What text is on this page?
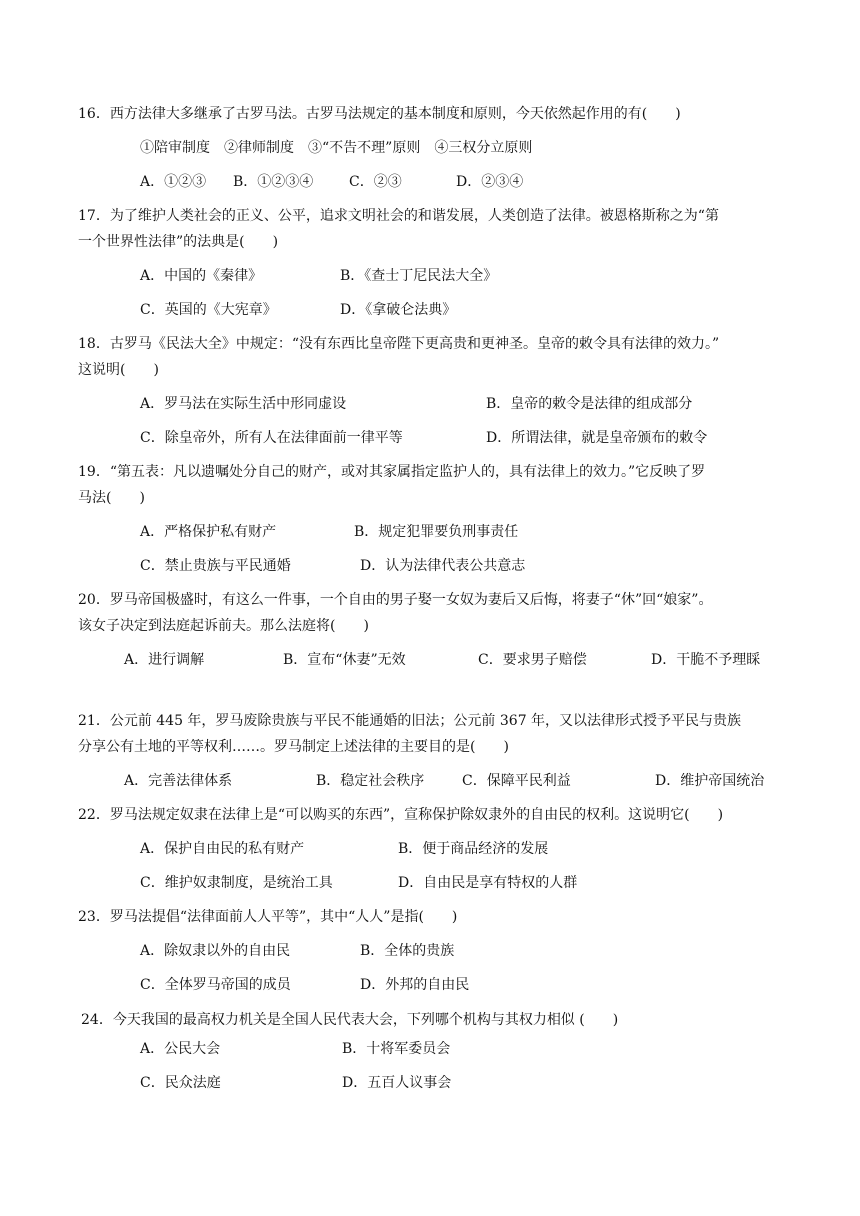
16．西方法律大多继承了古罗马法。古罗马法规定的基本制度和原则，今天依然起作用的有(　　)
①陪审制度　②律师制度　③“不告不理”原则　④三权分立原则
A．①②③ B．①②③④	C．②③	D．②③④
17．为了维护人类社会的正义、公平，追求文明社会的和谐发展，人类创造了法律。被恩格斯称之为“第
一个世界性法律”的法典是(　　)
A．中国的《秦律》	B．《查士丁尼民法大全》
C．英国的《大宪章》	D．《拿破仑法典》
18．古罗马《民法大全》中规定：“没有东西比皇帝陛下更高贵和更神圣。皇帝的敕令具有法律的效力。”
这说明(　　)
A．罗马法在实际生活中形同虚设	B．皇帝的敕令是法律的组成部分
C．除皇帝外，所有人在法律面前一律平等	D．所谓法律，就是皇帝颁布的敕令
19．“第五表：凡以遗嘱处分自己的财产，或对其家属指定监护人的，具有法律上的效力。”它反映了罗
马法(　　)
A．严格保护私有财产	B．规定犯罪要负刑事责任
C．禁止贵族与平民通婚	D．认为法律代表公共意志
20．罗马帝国极盛时，有这么一件事，一个自由的男子娶一女奴为妻后又后悔，将妻子“休”回“娘家”。
该女子决定到法庭起诉前夫。那么法庭将(　　)
A．进行调解	B．宣布“休妻”无效	C．要求男子赔偿	D．干脆不予理睬
21．公元前 445 年，罗马废除贵族与平民不能通婚的旧法；公元前 367 年，又以法律形式授予平民与贵族
分享公有土地的平等权利……。罗马制定上述法律的主要目的是(　　)
A．完善法律体系	B．稳定社会秩序	C．保障平民利益	D．维护帝国统治
22．罗马法规定奴隶在法律上是“可以购买的东西”，宣称保护除奴隶外的自由民的权利。这说明它(　　)
A．保护自由民的私有财产	B．便于商品经济的发展
C．维护奴隶制度，是统治工具	D．自由民是享有特权的人群
23．罗马法提倡“法律面前人人平等”，其中“人人”是指(　　)
A．除奴隶以外的自由民	B．全体的贵族
C．全体罗马帝国的成员	D．外邦的自由民
24．今天我国的最高权力机关是全国人民代表大会，下列哪个机构与其权力相似 (　　)
A．公民大会	B．十将军委员会
C．民众法庭	D．五百人议事会
